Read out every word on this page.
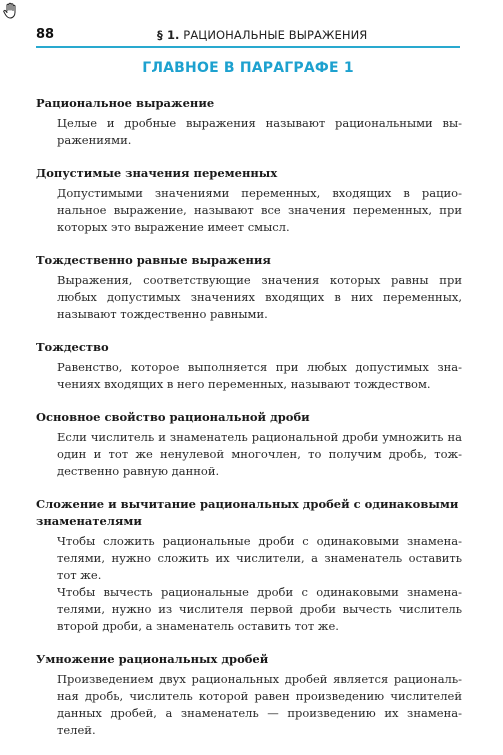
88	§ 1. РАЦИОНАЛЬНЫЕ ВЫРАЖЕНИЯ
ГЛАВНОЕ В ПАРАГРАФЕ 1
Рациональное выражение
Целые и дробные выражения называют рациональными вы-ражениями.
Допустимые значения переменных
Допустимыми значениями переменных, входящих в рацио-нальное выражение, называют все значения переменных, при которых это выражение имеет смысл.
Тождественно равные выражения
Выражения, соответствующие значения которых равны при любых допустимых значениях входящих в них переменных, называют тождественно равными.
Тождество
Равенство, которое выполняется при любых допустимых зна-чениях входящих в него переменных, называют тождеством.
Основное свойство рациональной дроби
Если числитель и знаменатель рациональной дроби умножить на один и тот же ненулевой многочлен, то получим дробь, тож-дественно равную данной.
Сложение и вычитание рациональных дробей с одинаковыми знаменателями
Чтобы сложить рациональные дроби с одинаковыми знамена-телями, нужно сложить их числители, а знаменатель оставить тот же.
Чтобы вычесть рациональные дроби с одинаковыми знамена-телями, нужно из числителя первой дроби вычесть числитель второй дроби, а знаменатель оставить тот же.
Умножение рациональных дробей
Произведением двух рациональных дробей является рациональ-ная дробь, числитель которой равен произведению числителей данных дробей, а знаменатель — произведению их знамена-телей.
